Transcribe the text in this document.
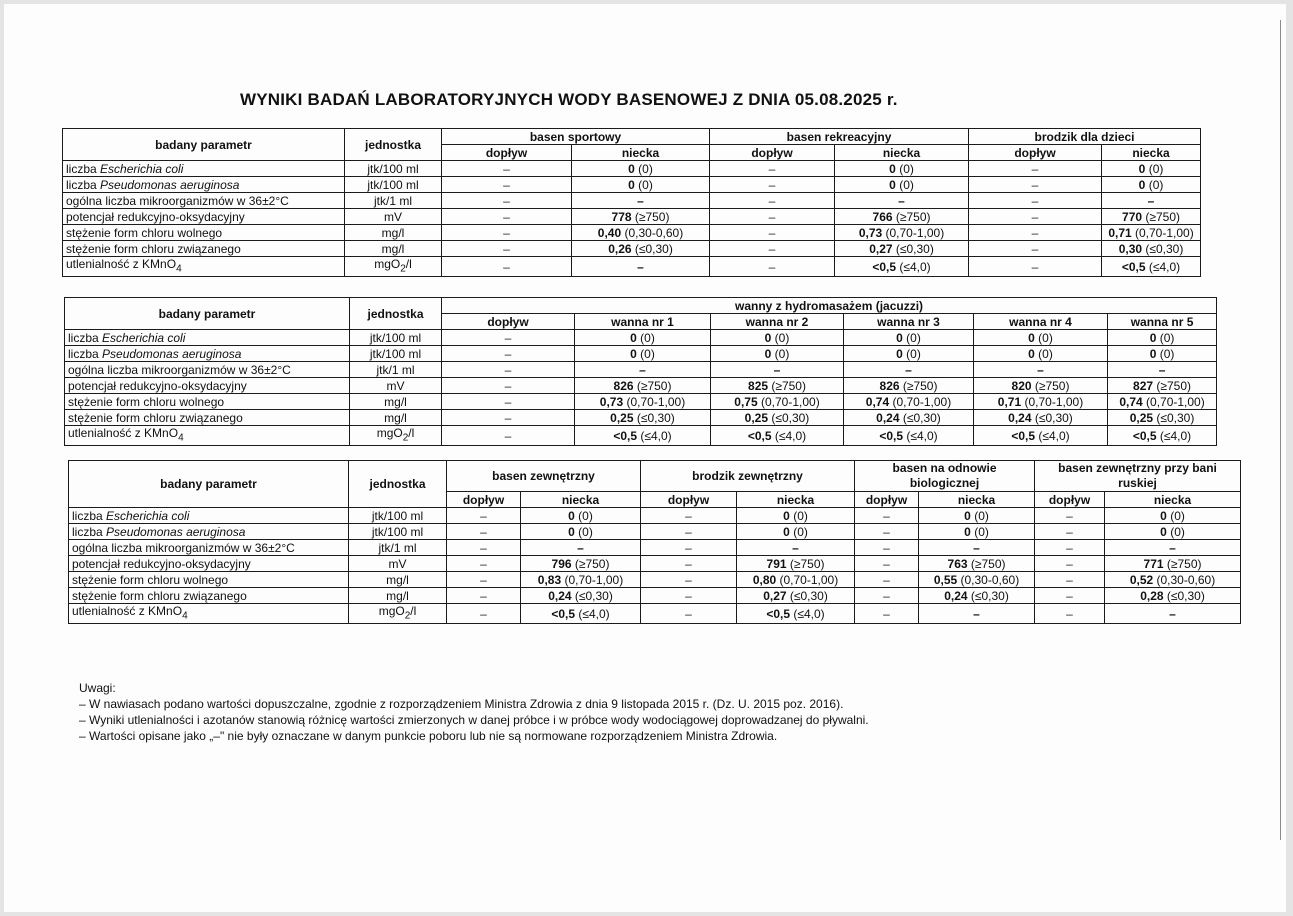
WYNIKI BADAŃ LABORATORYJNYCH WODY BASENOWEJ Z DNIA 05.08.2025 r.
badany parametr	jednostka	basen sportowy		basen rekreacyjny		brodzik dla dzieci	
		dopływ	niecka	dopływ	niecka	dopływ	niecka
liczba Escherichia coli	jtk/100 ml	–	0 (0)	–	0 (0)	–	0 (0)
liczba Pseudomonas aeruginosa	jtk/100 ml	–	0 (0)	–	0 (0)	–	0 (0)
ogólna liczba mikroorganizmów w 36±2°C	jtk/1 ml	–	–	–	–	–	–
potencjał redukcyjno-oksydacyjny	mV	–	778 (≥750)	–	766 (≥750)	–	770 (≥750)
stężenie form chloru wolnego	mg/l	–	0,40 (0,30-0,60)	–	0,73 (0,70-1,00)	–	0,71 (0,70-1,00)
stężenie form chloru związanego	mg/l	–	0,26 (≤0,30)	–	0,27 (≤0,30)	–	0,30 (≤0,30)
utlenialność z KMnO$_4$	mgO$_2$/l	–	–	–	<0,5 (≤4,0)	–	<0,5 (≤4,0)
badany parametr	jednostka	wanny z hydromasażem (jacuzzi)					
		dopływ	wanna nr 1	wanna nr 2	wanna nr 3	wanna nr 4	wanna nr 5
liczba Escherichia coli	jtk/100 ml	–	0 (0)	0 (0)	0 (0)	0 (0)	0 (0)
liczba Pseudomonas aeruginosa	jtk/100 ml	–	0 (0)	0 (0)	0 (0)	0 (0)	0 (0)
ogólna liczba mikroorganizmów w 36±2°C	jtk/1 ml	–	–	–	–	–	–
potencjał redukcyjno-oksydacyjny	mV	–	826 (≥750)	825 (≥750)	826 (≥750)	820 (≥750)	827 (≥750)
stężenie form chloru wolnego	mg/l	–	0,73 (0,70-1,00)	0,75 (0,70-1,00)	0,74 (0,70-1,00)	0,71 (0,70-1,00)	0,74 (0,70-1,00)
stężenie form chloru związanego	mg/l	–	0,25 (≤0,30)	0,25 (≤0,30)	0,24 (≤0,30)	0,24 (≤0,30)	0,25 (≤0,30)
utlenialność z KMnO$_4$	mgO$_2$/l	–	<0,5 (≤4,0)	<0,5 (≤4,0)	<0,5 (≤4,0)	<0,5 (≤4,0)	<0,5 (≤4,0)
badany parametr	jednostka	basen zewnętrzny		brodzik zewnętrzny		basen na odnowie biologicznej		basen zewnętrzny przy bani ruskiej	
		dopływ	niecka	dopływ	niecka	dopływ	niecka	dopływ	niecka
liczba Escherichia coli	jtk/100 ml	–	0 (0)	–	0 (0)	–	0 (0)	–	0 (0)
liczba Pseudomonas aeruginosa	jtk/100 ml	–	0 (0)	–	0 (0)	–	0 (0)	–	0 (0)
ogólna liczba mikroorganizmów w 36±2°C	jtk/1 ml	–	–	–	–	–	–	–	–
potencjał redukcyjno-oksydacyjny	mV	–	796 (≥750)	–	791 (≥750)	–	763 (≥750)	–	771 (≥750)
stężenie form chloru wolnego	mg/l	–	0,83 (0,70-1,00)	–	0,80 (0,70-1,00)	–	0,55 (0,30-0,60)	–	0,52 (0,30-0,60)
stężenie form chloru związanego	mg/l	–	0,24 (≤0,30)	–	0,27 (≤0,30)	–	0,24 (≤0,30)	–	0,28 (≤0,30)
utlenialność z KMnO$_4$	mgO$_2$/l	–	<0,5 (≤4,0)	–	<0,5 (≤4,0)	–	–	–	–
Uwagi:
– W nawiasach podano wartości dopuszczalne, zgodnie z rozporządzeniem Ministra Zdrowia z dnia 9 listopada 2015 r. (Dz. U. 2015 poz. 2016).
– Wyniki utlenialności i azotanów stanowią różnicę wartości zmierzonych w danej próbce i w próbce wody wodociągowej doprowadzanej do pływalni.
– Wartości opisane jako „–" nie były oznaczane w danym punkcie poboru lub nie są normowane rozporządzeniem Ministra Zdrowia.
